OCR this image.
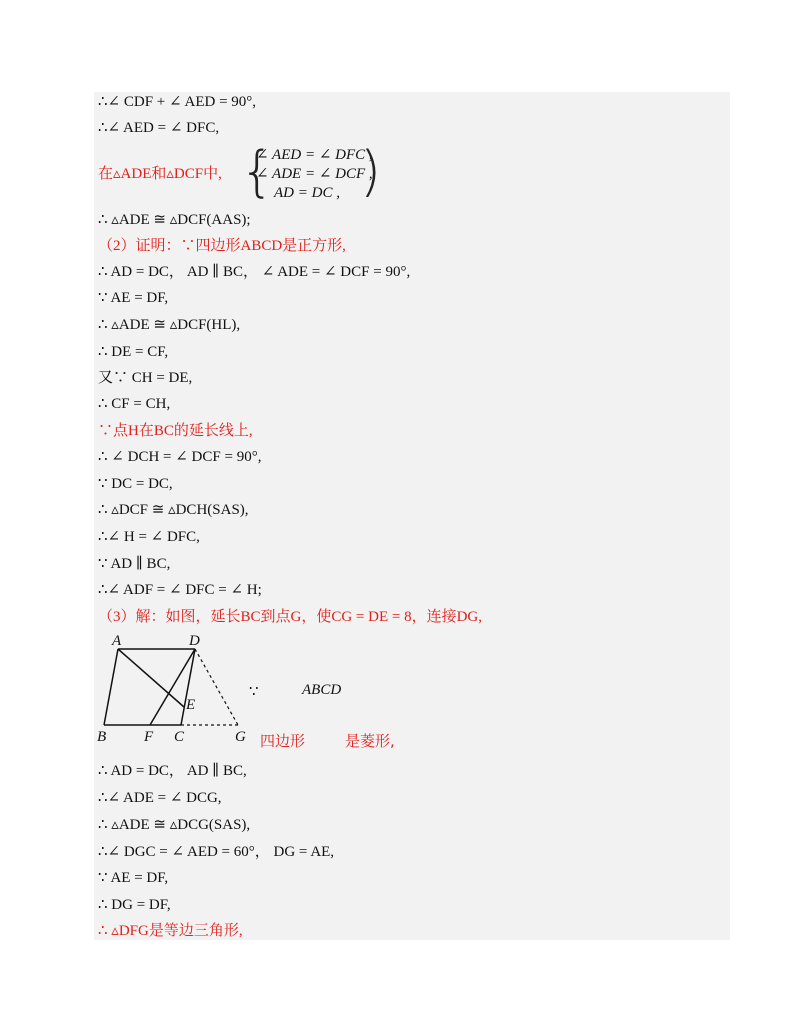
∴∠ CDF + ∠ AED = 90°,
∴∠ AED = ∠ DFC,
在▵ADE和▵DCF中, {
∠ AED = ∠ DFC ,
∠ ADE = ∠ DCF ,
AD = DC , )
∴ ▵ADE ≅ ▵DCF(AAS);
（2）证明：∵四边形ABCD是正方形,
∴ AD = DC， AD ∥ BC， ∠ ADE = ∠ DCF = 90°,
∵ AE = DF,
∴ ▵ADE ≅ ▵DCF(HL),
∴ DE = CF,
又∵ CH = DE,
∴ CF = CH,
∵点H在BC的延长线上,
∴ ∠ DCH = ∠ DCF = 90°,
∵ DC = DC,
∴ ▵DCF ≅ ▵DCH(SAS),
∴∠ H = ∠ DFC,
∵ AD ∥ BC,
∴∠ ADF = ∠ DFC = ∠ H;
（3）解：如图，延长BC到点G，使CG = DE = 8，连接DG,
A	D
E
B	F C	G
∵	ABCD
四边形	是菱形,
∴ AD = DC， AD ∥ BC,
∴∠ ADE = ∠ DCG,
∴ ▵ADE ≅ ▵DCG(SAS),
∴∠ DGC = ∠ AED = 60°， DG = AE,
∵ AE = DF,
∴ DG = DF,
∴ ▵DFG是等边三角形,
